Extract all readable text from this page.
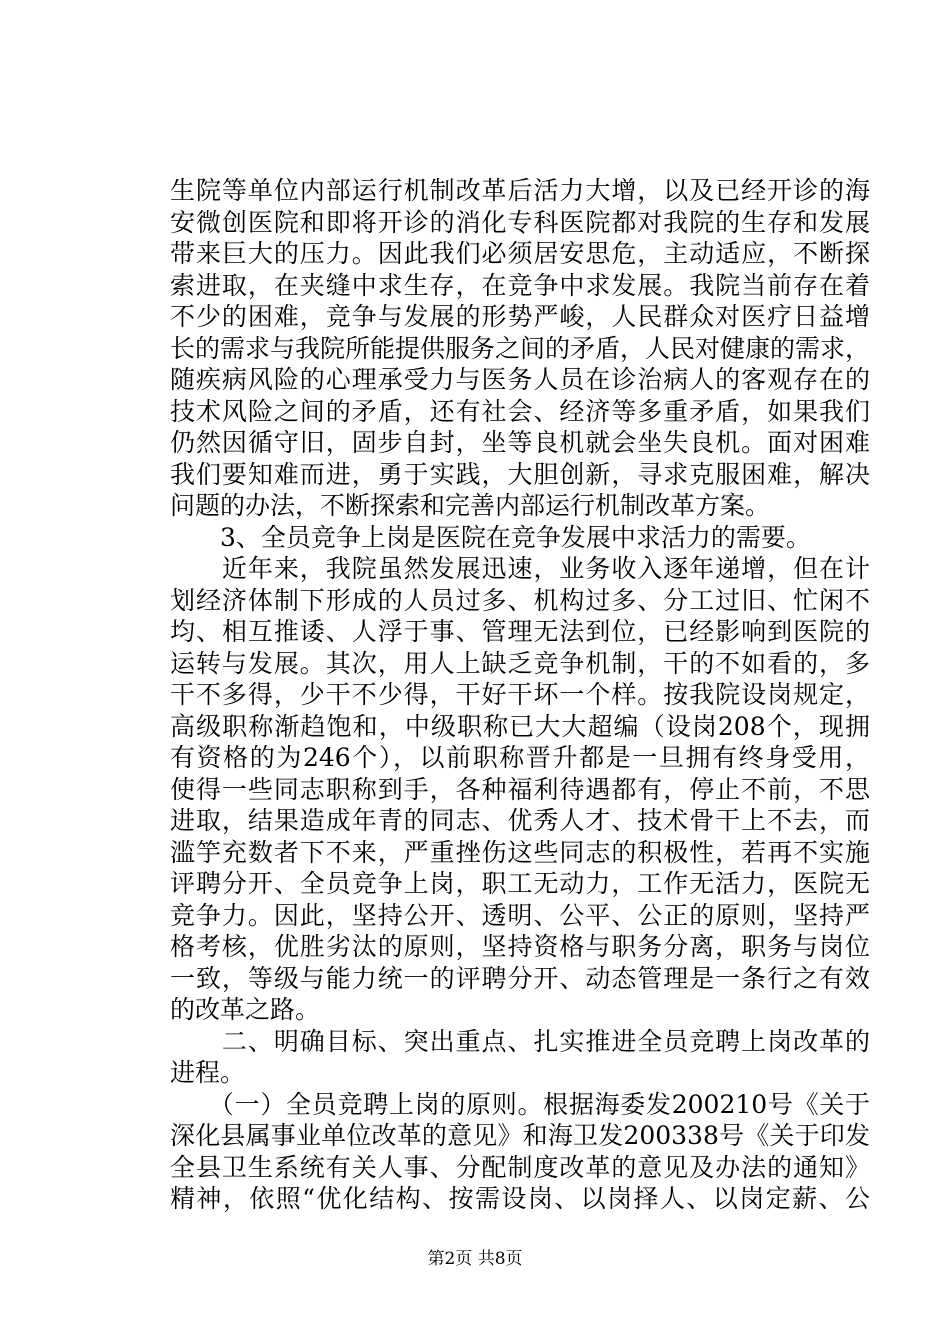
生院等单位内部运行机制改革后活力大增，以及已经开诊的海
安微创医院和即将开诊的消化专科医院都对我院的生存和发展
带来巨大的压力。因此我们必须居安思危，主动适应，不断探
索进取，在夹缝中求生存，在竞争中求发展。我院当前存在着
不少的困难，竞争与发展的形势严峻，人民群众对医疗日益增
长的需求与我院所能提供服务之间的矛盾，人民对健康的需求，
随疾病风险的心理承受力与医务人员在诊治病人的客观存在的
技术风险之间的矛盾，还有社会、经济等多重矛盾，如果我们
仍然因循守旧，固步自封，坐等良机就会坐失良机。面对困难
我们要知难而进，勇于实践，大胆创新，寻求克服困难，解决
问题的办法，不断探索和完善内部运行机制改革方案。
　　3、全员竞争上岗是医院在竞争发展中求活力的需要。
　　近年来，我院虽然发展迅速，业务收入逐年递增，但在计
划经济体制下形成的人员过多、机构过多、分工过旧、忙闲不
均、相互推诿、人浮于事、管理无法到位，已经影响到医院的
运转与发展。其次，用人上缺乏竞争机制，干的不如看的，多
干不多得，少干不少得，干好干坏一个样。按我院设岗规定，
高级职称渐趋饱和，中级职称已大大超编（设岗208个，现拥
有资格的为246个），以前职称晋升都是一旦拥有终身受用，
使得一些同志职称到手，各种福利待遇都有，停止不前，不思
进取，结果造成年青的同志、优秀人才、技术骨干上不去，而
滥竽充数者下不来，严重挫伤这些同志的积极性，若再不实施
评聘分开、全员竞争上岗，职工无动力，工作无活力，医院无
竞争力。因此，坚持公开、透明、公平、公正的原则，坚持严
格考核，优胜劣汰的原则，坚持资格与职务分离，职务与岗位
一致，等级与能力统一的评聘分开、动态管理是一条行之有效
的改革之路。
　　二、明确目标、突出重点、扎实推进全员竞聘上岗改革的
进程。
　　（一）全员竞聘上岗的原则。根据海委发200210号《关于
深化县属事业单位改革的意见》和海卫发200338号《关于印发
全县卫生系统有关人事、分配制度改革的意见及办法的通知》
精神，依照“优化结构、按需设岗、以岗择人、以岗定薪、公
第2页 共8页
